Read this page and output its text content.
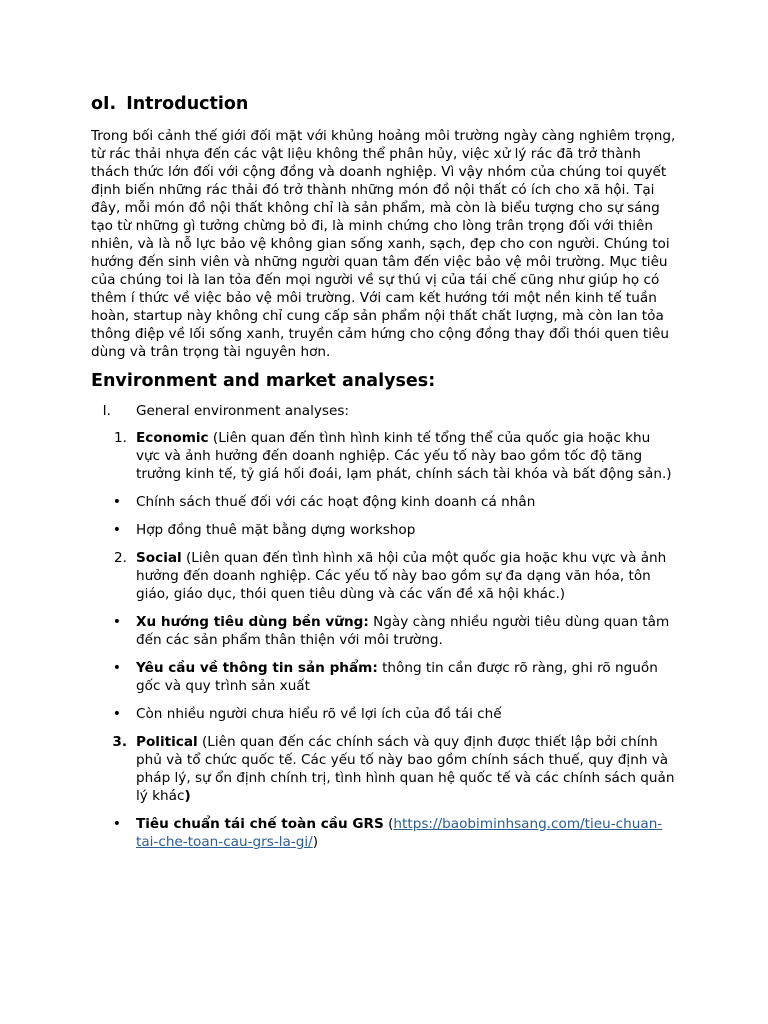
oI. Introduction

Trong bối cảnh thế giới đối mặt với khủng hoảng môi trường ngày càng nghiêm trọng, từ rác thải nhựa đến các vật liệu không thể phân hủy, việc xử lý rác đã trở thành thách thức lớn đối với cộng đồng và doanh nghiệp. Vì vậy nhóm của chúng toi quyết định biến những rác thải đó trở thành những món đồ nội thất có ích cho xã hội. Tại đây, mỗi món đồ nội thất không chỉ là sản phẩm, mà còn là biểu tượng cho sự sáng tạo từ những gì tưởng chừng bỏ đi, là minh chứng cho lòng trân trọng đối với thiên nhiên, và là nỗ lực bảo vệ không gian sống xanh, sạch, đẹp cho con người. Chúng toi hướng đến sinh viên và những người quan tâm đến việc bảo vệ môi trường. Mục tiêu của chúng toi là lan tỏa đến mọi người về sự thú vị của tái chế cũng như giúp họ có thêm í thức về việc bảo vệ môi trường. Với cam kết hướng tới một nền kinh tế tuần hoàn, startup này không chỉ cung cấp sản phẩm nội thất chất lượng, mà còn lan tỏa thông điệp về lối sống xanh, truyền cảm hứng cho cộng đồng thay đổi thói quen tiêu dùng và trân trọng tài nguyên hơn.

Environment and market analyses:
I. General environment analyses:
1. Economic (Liên quan đến tình hình kinh tế tổng thể của quốc gia hoặc khu vực và ảnh hưởng đến doanh nghiệp. Các yếu tố này bao gồm tốc độ tăng trưởng kinh tế, tỷ giá hối đoái, lạm phát, chính sách tài khóa và bất động sản.)
• Chính sách thuế đối với các hoạt động kinh doanh cá nhân
• Hợp đồng thuê mặt bằng dựng workshop
2. Social (Liên quan đến tình hình xã hội của một quốc gia hoặc khu vực và ảnh hưởng đến doanh nghiệp. Các yếu tố này bao gồm sự đa dạng văn hóa, tôn giáo, giáo dục, thói quen tiêu dùng và các vấn đề xã hội khác.)
• Xu hướng tiêu dùng bền vững: Ngày càng nhiều người tiêu dùng quan tâm đến các sản phẩm thân thiện với môi trường.
• Yêu cầu về thông tin sản phẩm: thông tin cần được rõ ràng, ghi rõ nguồn gốc và quy trình sản xuất
• Còn nhiều người chưa hiểu rõ về lợi ích của đồ tái chế
3. Political (Liên quan đến các chính sách và quy định được thiết lập bởi chính phủ và tổ chức quốc tế. Các yếu tố này bao gồm chính sách thuế, quy định và pháp lý, sự ổn định chính trị, tình hình quan hệ quốc tế và các chính sách quản lý khác)
• Tiêu chuẩn tái chế toàn cầu GRS (https://baobiminhsang.com/tieu-chuan-tai-che-toan-cau-grs-la-gi/)
